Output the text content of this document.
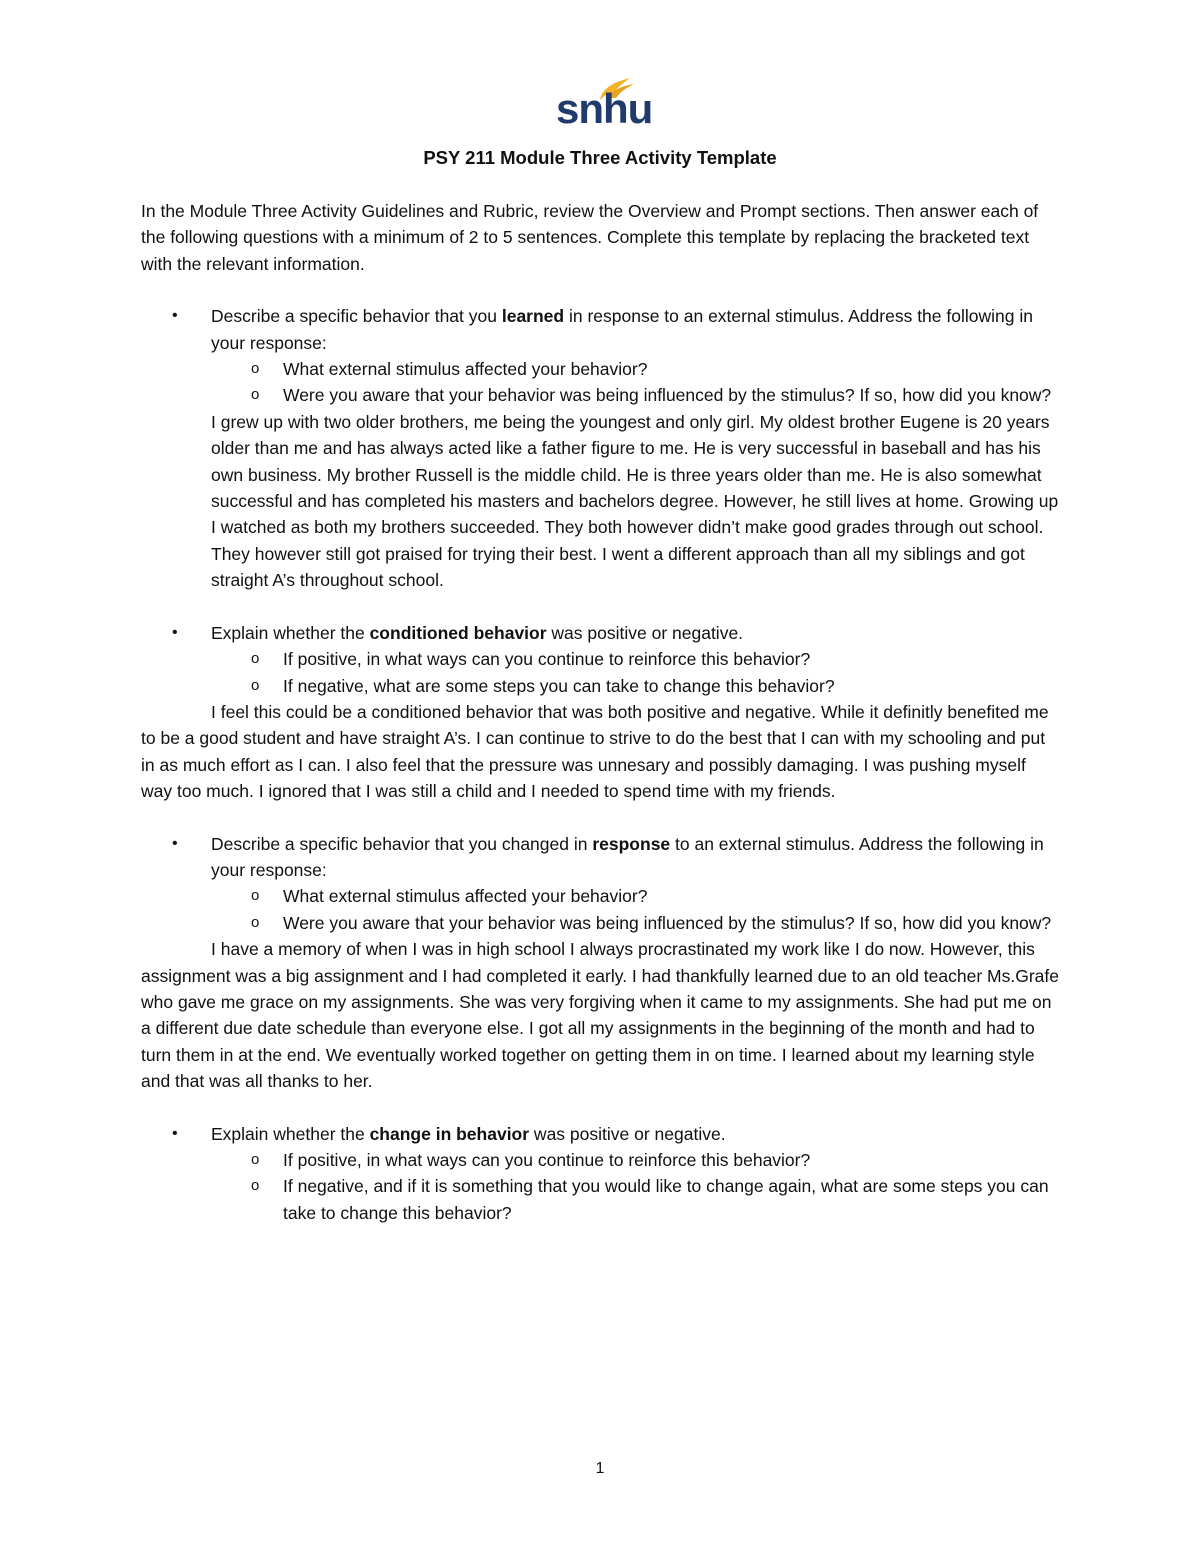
snhu
PSY 211 Module Three Activity Template

In the Module Three Activity Guidelines and Rubric, review the Overview and Prompt sections. Then answer each of the following questions with a minimum of 2 to 5 sentences. Complete this template by replacing the bracketed text with the relevant information.

• Describe a specific behavior that you learned in response to an external stimulus. Address the following in your response:
o What external stimulus affected your behavior?
o Were you aware that your behavior was being influenced by the stimulus? If so, how did you know?

I grew up with two older brothers, me being the youngest and only girl. My oldest brother Eugene is 20 years older than me and has always acted like a father figure to me. He is very successful in baseball and has his own business. My brother Russell is the middle child. He is three years older than me. He is also somewhat successful and has completed his masters and bachelors degree. However, he still lives at home. Growing up I watched as both my brothers succeeded. They both however didn’t make good grades through out school. They however still got praised for trying their best. I went a different approach than all my siblings and got straight A’s throughout school.

• Explain whether the conditioned behavior was positive or negative.
o If positive, in what ways can you continue to reinforce this behavior?
o If negative, what are some steps you can take to change this behavior?

I feel this could be a conditioned behavior that was both positive and negative. While it definitly benefited me to be a good student and have straight A’s. I can continue to strive to do the best that I can with my schooling and put in as much effort as I can. I also feel that the pressure was unnesary and possibly damaging. I was pushing myself way too much. I ignored that I was still a child and I needed to spend time with my friends.

• Describe a specific behavior that you changed in response to an external stimulus. Address the following in your response:
o What external stimulus affected your behavior?
o Were you aware that your behavior was being influenced by the stimulus? If so, how did you know?

I have a memory of when I was in high school I always procrastinated my work like I do now. However, this assignment was a big assignment and I had completed it early. I had thankfully learned due to an old teacher Ms.Grafe who gave me grace on my assignments. She was very forgiving when it came to my assignments. She had put me on a different due date schedule than everyone else. I got all my assignments in the beginning of the month and had to turn them in at the end. We eventually worked together on getting them in on time. I learned about my learning style and that was all thanks to her.

• Explain whether the change in behavior was positive or negative.
o If positive, in what ways can you continue to reinforce this behavior?
o If negative, and if it is something that you would like to change again, what are some steps you can take to change this behavior?
1
